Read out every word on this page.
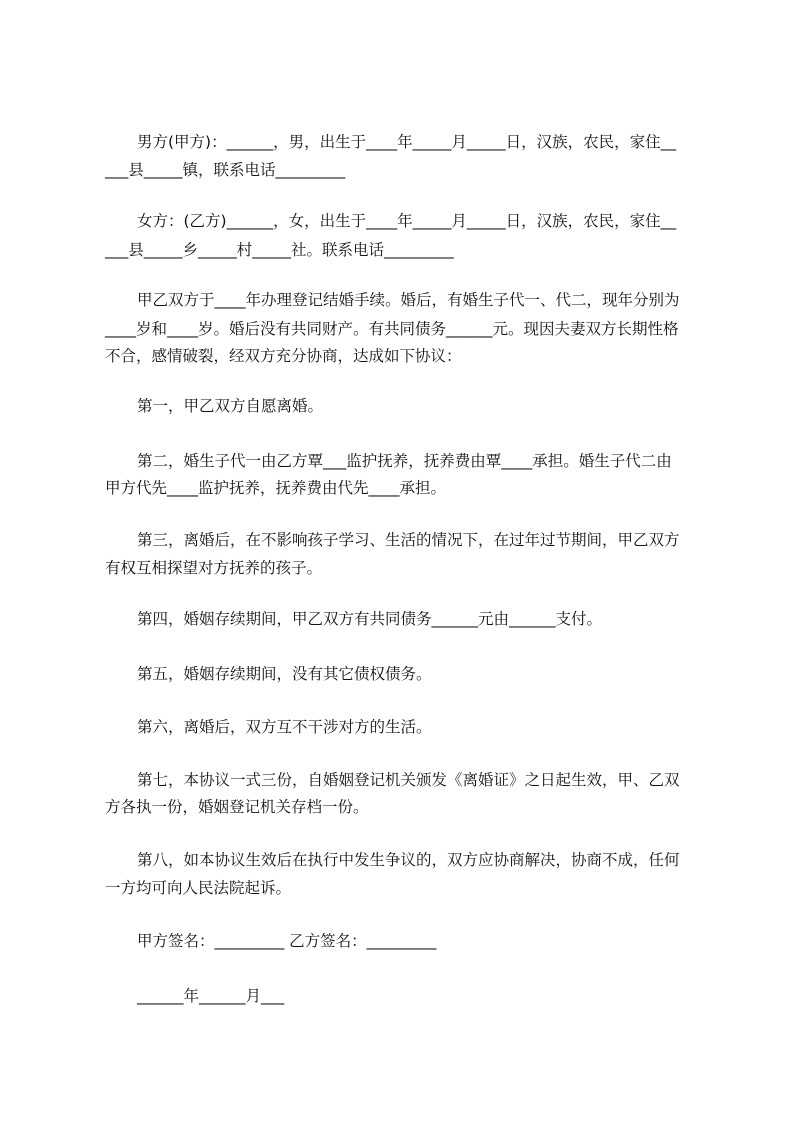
男方(甲方)：______，男，出生于____年_____月_____日，汉族，农民，家住__
___县_____镇，联系电话_________
女方：(乙方)______，女，出生于____年_____月_____日，汉族，农民，家住__
___县_____乡_____村_____社。联系电话_________
甲乙双方于____年办理登记结婚手续。婚后，有婚生子代一、代二，现年分别为
____岁和____岁。婚后没有共同财产。有共同债务______元。现因夫妻双方长期性格
不合，感情破裂，经双方充分协商，达成如下协议：
第一，甲乙双方自愿离婚。
第二，婚生子代一由乙方覃___监护抚养，抚养费由覃____承担。婚生子代二由
甲方代先____监护抚养，抚养费由代先____承担。
第三，离婚后，在不影响孩子学习、生活的情况下，在过年过节期间，甲乙双方
有权互相探望对方抚养的孩子。
第四，婚姻存续期间，甲乙双方有共同债务______元由______支付。
第五，婚姻存续期间，没有其它债权债务。
第六，离婚后，双方互不干涉对方的生活。
第七，本协议一式三份，自婚姻登记机关颁发《离婚证》之日起生效，甲、乙双
方各执一份，婚姻登记机关存档一份。
第八，如本协议生效后在执行中发生争议的，双方应协商解决，协商不成，任何
一方均可向人民法院起诉。
甲方签名：_________ 乙方签名：_________
______年______月___
